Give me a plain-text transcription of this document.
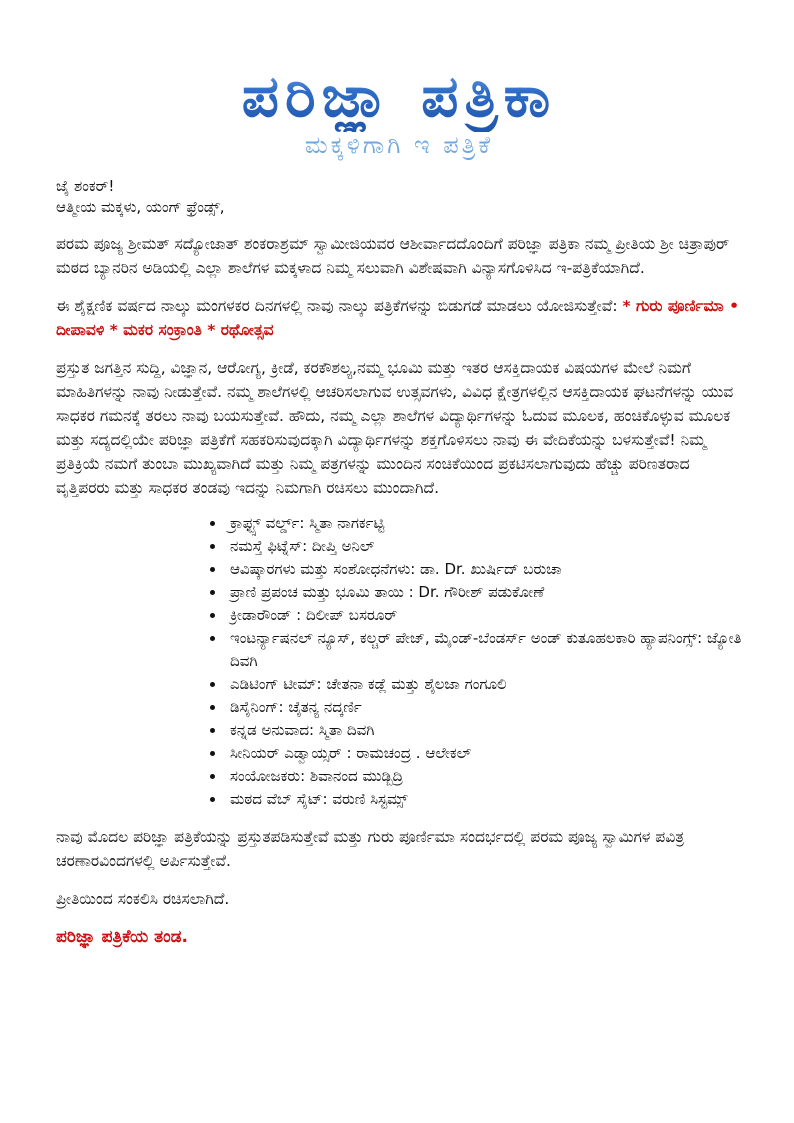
ಪರಿಜ್ಞಾ ಪತ್ರಿಕಾ
ಮಕ್ಕಳಿಗಾಗಿ ಇ ಪತ್ರಿಕೆ
ಜೈ ಶಂಕರ್!
ಆತ್ಮೀಯ ಮಕ್ಕಳು, ಯಂಗ್ ಫ್ರೆಂಡ್ಸ್,

ಪರಮ ಪೂಜ್ಯ ಶ್ರೀಮತ್ ಸದ್ಯೋಜಾತ್ ಶಂಕರಾಶ್ರಮ್ ಸ್ವಾಮೀಜಿಯವರ ಆಶೀರ್ವಾದದೊಂದಿಗೆ ಪರಿಜ್ಞಾ ಪತ್ರಿಕಾ ನಮ್ಮ ಪ್ರೀತಿಯ ಶ್ರೀ ಚಿತ್ರಾಪುರ್ ಮಠದ ಬ್ಯಾನರಿನ ಅಡಿಯಲ್ಲಿ ಎಲ್ಲಾ ಶಾಲೆಗಳ ಮಕ್ಕಳಾದ ನಿಮ್ಮ ಸಲುವಾಗಿ ವಿಶೇಷವಾಗಿ ವಿನ್ಯಾಸಗೊಳಿಸಿದ ಇ-ಪತ್ರಿಕೆಯಾಗಿದೆ.

ಈ ಶೈಕ್ಷಣಿಕ ವರ್ಷದ ನಾಲ್ಕು ಮಂಗಳಕರ ದಿನಗಳಲ್ಲಿ ನಾವು ನಾಲ್ಕು ಪತ್ರಿಕೆಗಳನ್ನು ಬಿಡುಗಡೆ ಮಾಡಲು ಯೋಜಿಸುತ್ತೇವೆ: * ಗುರು ಪೂರ್ಣಿಮಾ • ದೀಪಾವಳಿ * ಮಕರ ಸಂಕ್ರಾಂತಿ * ರಥೋತ್ಸವ

ಪ್ರಸ್ತುತ ಜಗತ್ತಿನ ಸುದ್ದಿ, ವಿಜ್ಞಾನ, ಆರೋಗ್ಯ, ಕ್ರೀಡೆ, ಕರಕೌಶಲ್ಯ,ನಮ್ಮ ಭೂಮಿ ಮತ್ತು ಇತರ ಆಸಕ್ತಿದಾಯಕ ವಿಷಯಗಳ ಮೇಲೆ ನಿಮಗೆ ಮಾಹಿತಿಗಳನ್ನು ನಾವು ನೀಡುತ್ತೇವೆ. ನಮ್ಮ ಶಾಲೆಗಳಲ್ಲಿ ಆಚರಿಸಲಾಗುವ ಉತ್ಸವಗಳು, ವಿವಿಧ ಕ್ಷೇತ್ರಗಳಲ್ಲಿನ ಆಸಕ್ತಿದಾಯಕ ಘಟನೆಗಳನ್ನು ಯುವ ಸಾಧಕರ ಗಮನಕ್ಕೆ ತರಲು ನಾವು ಬಯಸುತ್ತೇವೆ. ಹೌದು, ನಮ್ಮ ಎಲ್ಲಾ ಶಾಲೆಗಳ ವಿದ್ಯಾರ್ಥಿಗಳನ್ನು ಓದುವ ಮೂಲಕ, ಹಂಚಿಕೊಳ್ಳುವ ಮೂಲಕ ಮತ್ತು ಸದ್ಯದಲ್ಲಿಯೇ ಪರಿಜ್ಞಾ ಪತ್ರಿಕೆಗೆ ಸಹಕರಿಸುವುದಕ್ಕಾಗಿ ವಿದ್ಯಾರ್ಥಿಗಳನ್ನು ಶಕ್ತಗೊಳಿಸಲು ನಾವು ಈ ವೇದಿಕೆಯನ್ನು ಬಳಸುತ್ತೇವೆ! ನಿಮ್ಮ ಪ್ರತಿಕ್ರಿಯೆ ನಮಗೆ ತುಂಬಾ ಮುಖ್ಯವಾಗಿದೆ ಮತ್ತು ನಿಮ್ಮ ಪತ್ರಗಳನ್ನು ಮುಂದಿನ ಸಂಚಿಕೆಯಿಂದ ಪ್ರಕಟಿಸಲಾಗುವುದು ಹೆಚ್ಚು ಪರಿಣತರಾದ ವೃತ್ತಿಪರರು ಮತ್ತು ಸಾಧಕರ ತಂಡವು ಇದನ್ನು ನಿಮಗಾಗಿ ರಚಿಸಲು ಮುಂದಾಗಿದೆ.

• ಕ್ರಾಫ್ಟ್ಸ್ ವರ್ಲ್ಡ್: ಸ್ಮಿತಾ ನಾಗರ್ಕಟ್ಟಿ
• ನಮಸ್ತೆ ಫಿಟ್ನೆಸ್: ದೀಪ್ತಿ ಅನಿಲ್
• ಆವಿಷ್ಕಾರಗಳು ಮತ್ತು ಸಂಶೋಧನೆಗಳು: ಡಾ. Dr. ಖುರ್ಷಿದ್ ಬರುಚಾ
• ಪ್ರಾಣಿ ಪ್ರಪಂಚ ಮತ್ತು ಭೂಮಿ ತಾಯಿ : Dr. ಗೌರೀಶ್ ಪಡುಕೋಣೆ
• ಕ್ರೀಡಾರೌಂಡ್ : ದಿಲೀಪ್ ಬಸರೂರ್
• ಇಂಟರ್ನ್ಯಾಷನಲ್ ನ್ಯೂಸ್, ಕಲ್ಚರ್ ಪೇಜ್, ಮೈಂಡ್-ಬೆಂಡರ್ಸ್ ಅಂಡ್ ಕುತೂಹಲಕಾರಿ ಹ್ಯಾಪನಿಂಗ್ಸ್: ಜ್ಯೋತಿ ದಿವಗಿ
• ಎಡಿಟಿಂಗ್ ಟೀಮ್: ಚೇತನಾ ಕಡ್ಲೆ ಮತ್ತು ಶೈಲಜಾ ಗಂಗೂಲಿ
• ಡಿಸೈನಿಂಗ್: ಚೈತನ್ಯ ನದ್ಕರ್ಣಿ
• ಕನ್ನಡ ಅನುವಾದ: ಸ್ಮಿತಾ ದಿವಗಿ
• ಸೀನಿಯರ್ ಎಡ್ವಾಯ್ಸರ್ : ರಾಮಚಂದ್ರ . ಆಲೇಕಲ್
• ಸಂಯೋಜಕರು: ಶಿವಾನಂದ ಮುಡ್ಬಿದ್ರಿ
• ಮಠದ ವೆಬ್ ಸೈಟ್: ವರುಣಿ ಸಿಸ್ಟಮ್ಸ್

ನಾವು ಮೊದಲ ಪರಿಜ್ಞಾ ಪತ್ರಿಕೆಯನ್ನು ಪ್ರಸ್ತುತಪಡಿಸುತ್ತೇವೆ ಮತ್ತು ಗುರು ಪೂರ್ಣಿಮಾ ಸಂದರ್ಭದಲ್ಲಿ ಪರಮ ಪೂಜ್ಯ ಸ್ವಾಮಿಗಳ ಪವಿತ್ರ ಚರಣಾರವಿಂದಗಳಲ್ಲಿ ಅರ್ಪಿಸುತ್ತೇವೆ.

ಪ್ರೀತಿಯಿಂದ ಸಂಕಲಿಸಿ ರಚಿಸಲಾಗಿದೆ.

ಪರಿಜ್ಞಾ ಪತ್ರಿಕೆಯ ತಂಡ.
